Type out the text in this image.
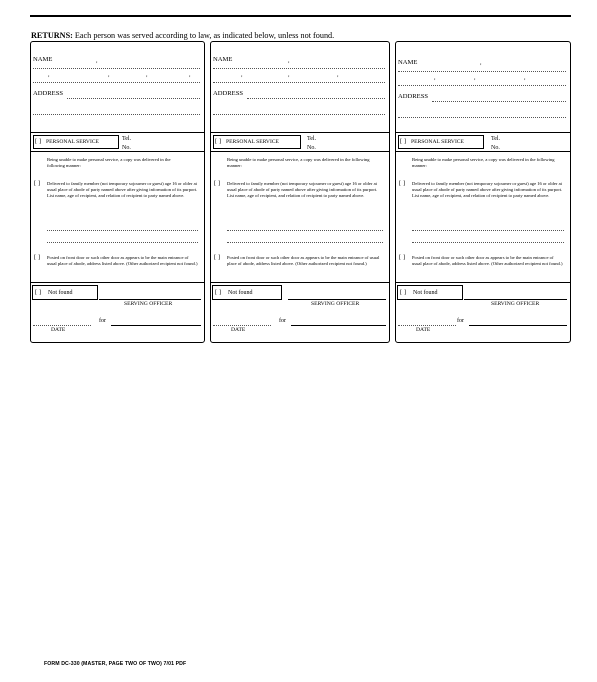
RETURNS: Each person was served according to law, as indicated below, unless not found.
NAME	,
,	,	,	,
ADDRESS
[ ] PERSONAL SERVICE	Tel.
No.
Being unable to make personal service, a copy was delivered in the following manner:
[ ] Delivered to family member (not temporary sojourner or guest) age 16 or older at usual place of abode of party named above after giving information of its purport. List name, age of recipient, and relation of recipient to party named above.
[ ] Posted on front door or such other door as appears to be the main entrance of usual place of abode, address listed above. (Other authorized recipient not found.)
[ ] Not found
SERVING OFFICER
for
DATE
NAME	,
,	,	,
ADDRESS
[ ] PERSONAL SERVICE	Tel.
No.
Being unable to make personal service, a copy was delivered in the following manner:
[ ] Delivered to family member (not temporary sojourner or guest) age 16 or older at usual place of abode of party named above after giving information of its purport. List name, age of recipient, and relation of recipient to party named above.
[ ] Posted on front door or such other door as appears to be the main entrance of usual place of abode, address listed above. (Other authorized recipient not found.)
[ ] Not found
SERVING OFFICER
for
DATE
NAME	,
,	,	,
ADDRESS
[ ] PERSONAL SERVICE	Tel.
No.
Being unable to make personal service, a copy was delivered in the following manner:
[ ] Delivered to family member (not temporary sojourner or guest) age 16 or older at usual place of abode of party named above after giving information of its purport. List name, age of recipient, and relation of recipient to party named above.
[ ] Posted on front door or such other door as appears to be the main entrance of usual place of abode, address listed above. (Other authorized recipient not found.)
[ ] Not found
SERVING OFFICER
for
DATE
FORM DC-330 (MASTER, PAGE TWO OF TWO) 7/01 PDF
